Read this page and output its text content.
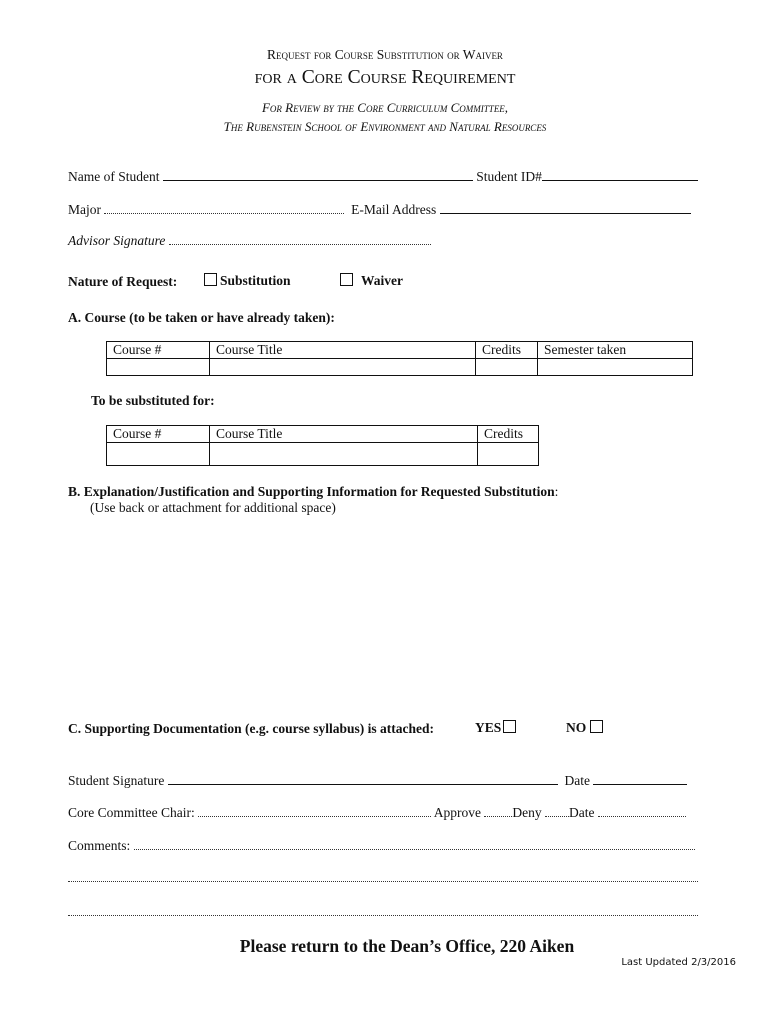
Request for Course Substitution or Waiver
for a Core Course Requirement
For Review by the Core Curriculum Committee,
The Rubenstein School of Environment and Natural Resources
Name of Student	Student ID#
Major	E-Mail Address
Advisor Signature
Nature of Request:	Substitution	Waiver
A. Course (to be taken or have already taken):
Course #	Course Title	Credits	Semester taken

To be substituted for:
Course #	Course Title	Credits

B. Explanation/Justification and Supporting Information for Requested Substitution:
(Use back or attachment for additional space)
C. Supporting Documentation (e.g. course syllabus) is attached:	YES	NO
Student Signature	Date
Core Committee Chair:	Approve Deny Date
Comments:
Please return to the Dean’s Office, 220 Aiken
Last Updated 2/3/2016
